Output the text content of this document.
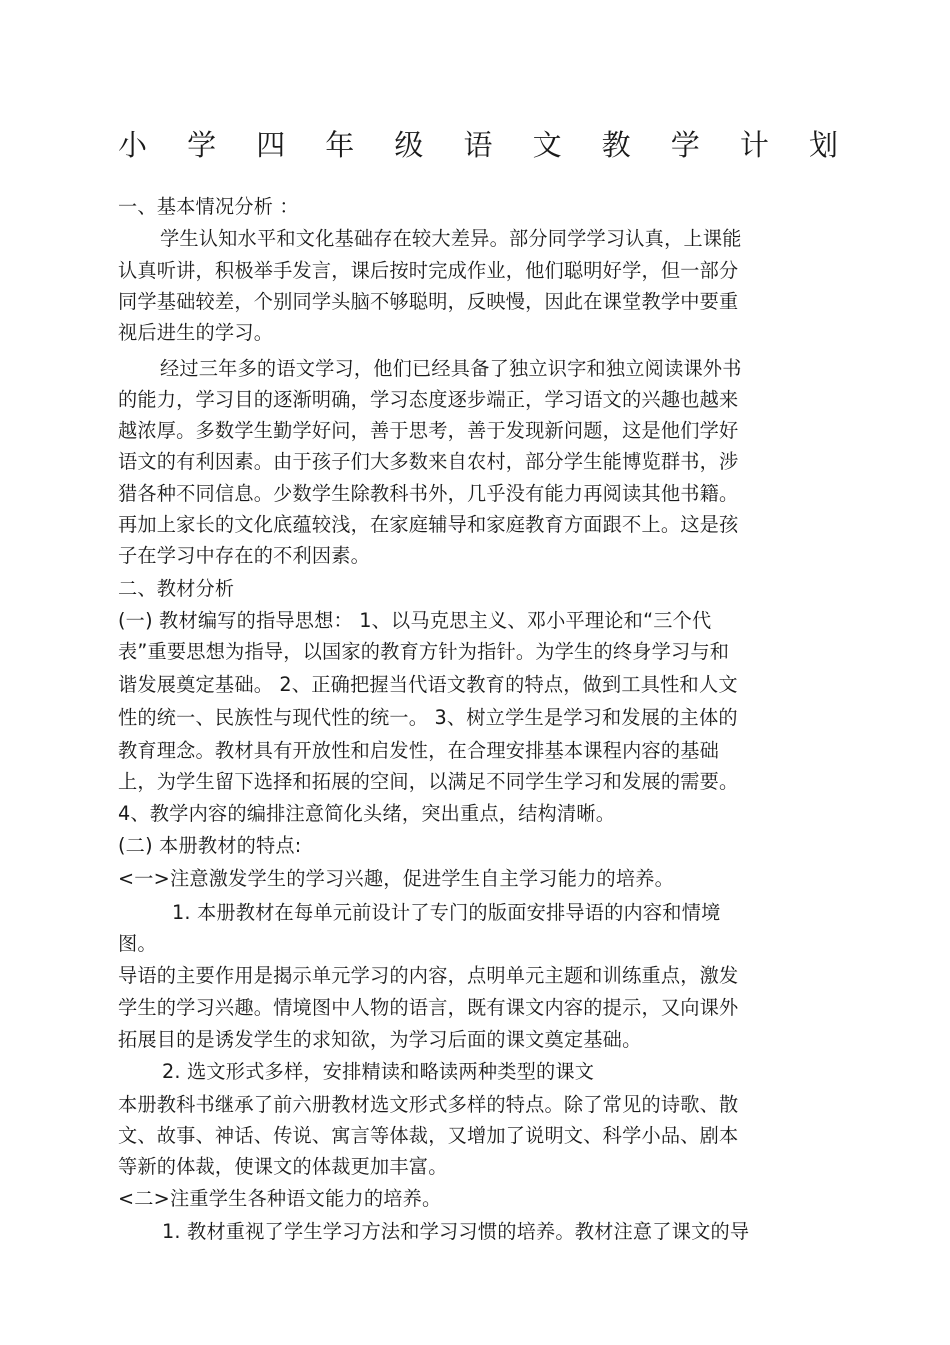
小 学 四 年 级 语 文 教 学 计 划
一、基本情况分析 ：
学生认知水平和文化基础存在较大差异。部分同学学习认真，上课能
认真听讲，积极举手发言，课后按时完成作业，他们聪明好学，但一部分
同学基础较差，个别同学头脑不够聪明，反映慢，因此在课堂教学中要重
视后进生的学习。
经过三年多的语文学习，他们已经具备了独立识字和独立阅读课外书
的能力，学习目的逐渐明确，学习态度逐步端正，学习语文的兴趣也越来
越浓厚。多数学生勤学好问，善于思考，善于发现新问题，这是他们学好
语文的有利因素。由于孩子们大多数来自农村，部分学生能博览群书，涉
猎各种不同信息。少数学生除教科书外，几乎没有能力再阅读其他书籍。
再加上家长的文化底蕴较浅，在家庭辅导和家庭教育方面跟不上。这是孩
子在学习中存在的不利因素。
二、教材分析
(一) 教材编写的指导思想： 1、以马克思主义、邓小平理论和“三个代
表”重要思想为指导，以国家的教育方针为指针。为学生的终身学习与和
谐发展奠定基础。 2、正确把握当代语文教育的特点，做到工具性和人文
性的统一、民族性与现代性的统一。 3、树立学生是学习和发展的主体的
教育理念。教材具有开放性和启发性，在合理安排基本课程内容的基础
上，为学生留下选择和拓展的空间，以满足不同学生学习和发展的需要。
4、教学内容的编排注意简化头绪，突出重点，结构清晰。
(二) 本册教材的特点:
<一>注意激发学生的学习兴趣，促进学生自主学习能力的培养。
1. 本册教材在每单元前设计了专门的版面安排导语的内容和情境
图。
导语的主要作用是揭示单元学习的内容，点明单元主题和训练重点，激发
学生的学习兴趣。情境图中人物的语言，既有课文内容的提示，又向课外
拓展目的是诱发学生的求知欲，为学习后面的课文奠定基础。
2. 选文形式多样，安排精读和略读两种类型的课文
本册教科书继承了前六册教材选文形式多样的特点。除了常见的诗歌、散
文、故事、神话、传说、寓言等体裁，又增加了说明文、科学小品、剧本
等新的体裁，使课文的体裁更加丰富。
<二>注重学生各种语文能力的培养。
1. 教材重视了学生学习方法和学习习惯的培养。教材注意了课文的导
